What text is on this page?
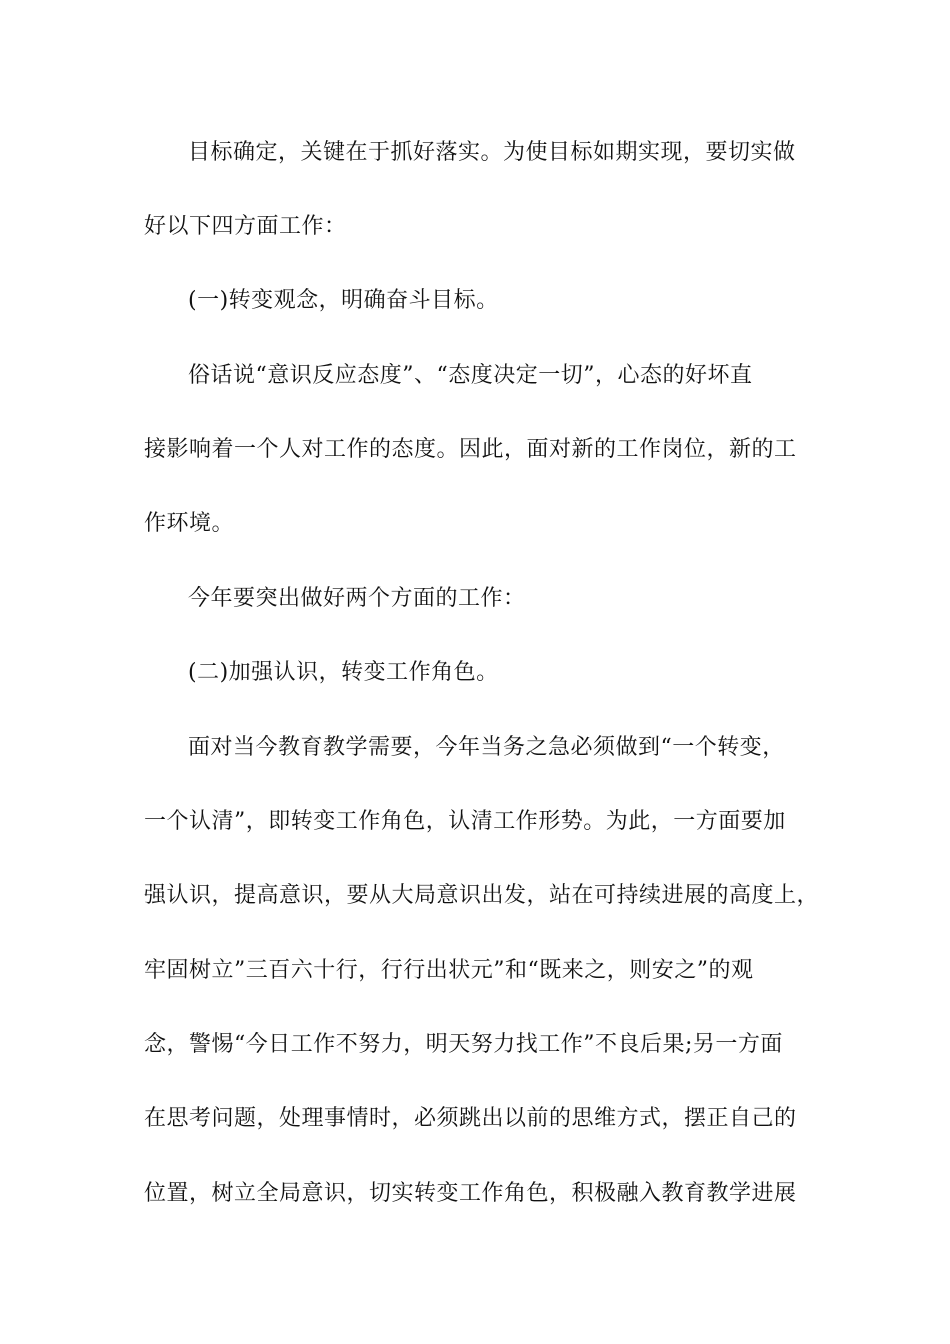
目标确定，关键在于抓好落实。为使目标如期实现，要切实做
好以下四方面工作：
(一)转变观念，明确奋斗目标。
俗话说“意识反应态度”、“态度决定一切”，心态的好坏直
接影响着一个人对工作的态度。因此，面对新的工作岗位，新的工
作环境。
今年要突出做好两个方面的工作：
(二)加强认识，转变工作角色。
面对当今教育教学需要，今年当务之急必须做到“一个转变，
一个认清”，即转变工作角色，认清工作形势。为此，一方面要加
强认识，提高意识，要从大局意识出发，站在可持续进展的高度上，
牢固树立”三百六十行，行行出状元”和“既来之，则安之”的观
念，警惕“今日工作不努力，明天努力找工作”不良后果;另一方面
在思考问题，处理事情时，必须跳出以前的思维方式，摆正自己的
位置，树立全局意识，切实转变工作角色，积极融入教育教学进展
